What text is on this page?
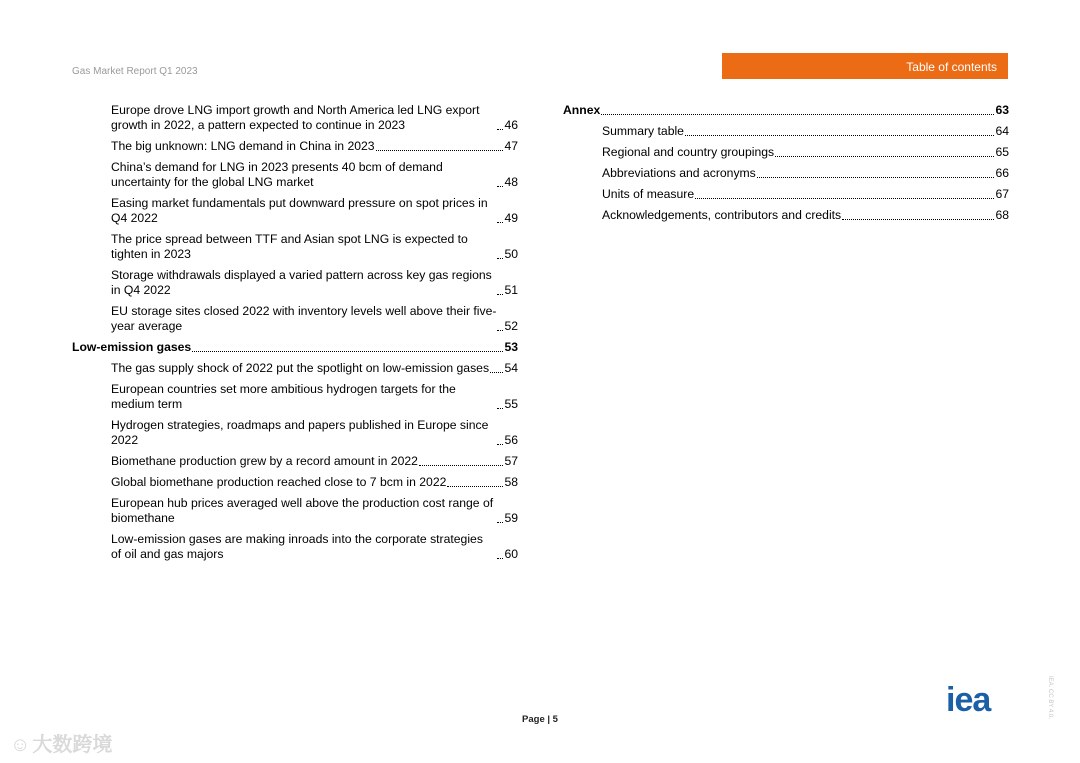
Gas Market Report Q1 2023	Table of contents
Europe drove LNG import growth and North America led LNG export growth in 2022, a pattern expected to continue in 2023	46
The big unknown: LNG demand in China in 2023	47
China’s demand for LNG in 2023 presents 40 bcm of demand uncertainty for the global LNG market	48
Easing market fundamentals put downward pressure on spot prices in Q4 2022	49
The price spread between TTF and Asian spot LNG is expected to tighten in 2023	50
Storage withdrawals displayed a varied pattern across key gas regions in Q4 2022	51
EU storage sites closed 2022 with inventory levels well above their five-year average	52
Low-emission gases	53
The gas supply shock of 2022 put the spotlight on low-emission gases 54
European countries set more ambitious hydrogen targets for the medium term	55
Hydrogen strategies, roadmaps and papers published in Europe since 2022	56
Biomethane production grew by a record amount in 2022	57
Global biomethane production reached close to 7 bcm in 2022	58
European hub prices averaged well above the production cost range of biomethane	59
Low-emission gases are making inroads into the corporate strategies of oil and gas majors	60
Annex	63
Summary table	64
Regional and country groupings	65
Abbreviations and acronyms	66
Units of measure	67
Acknowledgements, contributors and credits	68
Page | 5
iea	IEA. CC BY 4.0.
☺ 大数跨境
